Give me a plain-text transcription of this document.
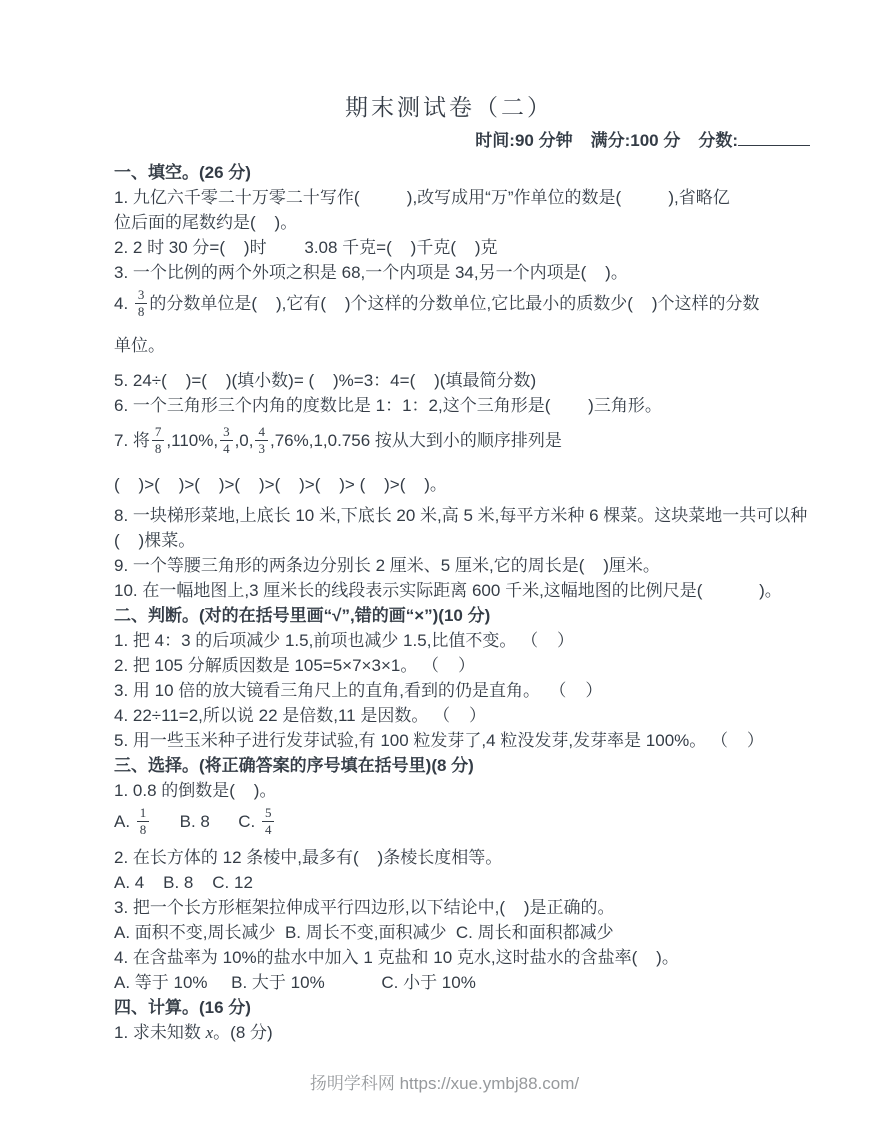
期末测试卷（二）
时间:90 分钟 满分:100 分 分数:
一、填空。(26 分)
1. 九亿六千零二十万零二十写作(          ),改写成用“万”作单位的数是(          ),省略亿
位后面的尾数约是(    )。
2. 2 时 30 分=(    )时        3.08 千克=(    )千克(    )克
3. 一个比例的两个外项之积是 68,一个内项是 34,另一个内项是(    )。
4. $\frac{3}{8}$ 的分数单位是(    ),它有(    )个这样的分数单位,它比最小的质数少(    )个这样的分数
单位。
5. 24÷(    )=(    )(填小数)= (    )%=3：4=(    )(填最简分数)
6. 一个三角形三个内角的度数比是 1：1：2,这个三角形是(        )三角形。
7. 将 $\frac{7}{8} ,110\%$, $\frac{3}{4} ,0$, $\frac{4}{3} ,76\%,1,0.756$ 按从大到小的顺序排列是
(    )>(    )>(    )>(    )>(    )>(    )> (    )>(    )。
8. 一块梯形菜地,上底长 10 米,下底长 20 米,高 5 米,每平方米种 6 棵菜。这块菜地一共可以种
(    )棵菜。
9. 一个等腰三角形的两条边分别长 2 厘米、5 厘米,它的周长是(    )厘米。
10. 在一幅地图上,3 厘米长的线段表示实际距离 600 千米,这幅地图的比例尺是(            )。
二、判断。(对的在括号里画“√”,错的画“×”)(10 分)
1. 把 4：3 的后项减少 1.5,前项也减少 1.5,比值不变。 （    ）
2. 把 105 分解质因数是 105=5×7×3×1。 （    ）
3. 用 10 倍的放大镜看三角尺上的直角,看到的仍是直角。  （    ）
4. 22÷11=2,所以说 22 是倍数,11 是因数。 （    ）
5. 用一些玉米种子进行发芽试验,有 100 粒发芽了,4 粒没发芽,发芽率是 100%。 （    ）
三、选择。(将正确答案的序号填在括号里)(8 分)
1. 0.8 的倒数是(    )。
A. $\frac{1}{8} B$. 8      C. $\frac{5}{4}$
2. 在长方体的 12 条棱中,最多有(    )条棱长度相等。
A. 4    B. 8    C. 12
3. 把一个长方形框架拉伸成平行四边形,以下结论中,(    )是正确的。
A. 面积不变,周长减少  B. 周长不变,面积减少  C. 周长和面积都减少
4. 在含盐率为 10%的盐水中加入 1 克盐和 10 克水,这时盐水的含盐率(    )。
A. 等于 10%     B. 大于 10%            C. 小于 10%
四、计算。(16 分)
1. 求未知数 x。(8 分)
扬明学科网 https://xue.ymbj88.com/
